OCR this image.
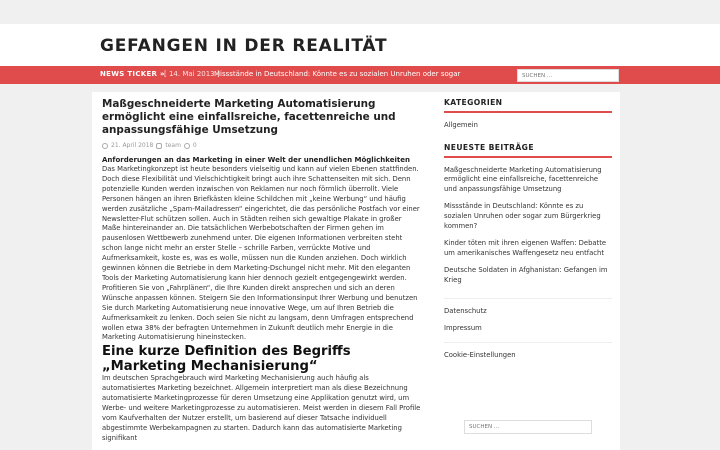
GEFANGEN IN DER REALITÄT
NEWS TICKER » [ 14. Mai 2013 ]
Missstände in Deutschland: Könnte es zu sozialen Unruhen oder sogar
SUCHEN ...
Maßgeschneiderte Marketing Automatisierung ermöglicht eine einfallsreiche, facettenreiche und anpassungsfähige Umsetzung
21. April 2018 team 0
Anforderungen an das Marketing in einer Welt der unendlichen Möglichkeiten

Das Marketingkonzept ist heute besonders vielseitig und kann auf vielen Ebenen stattfinden. Doch diese Flexibilität und Vielschichtigkeit bringt auch ihre Schattenseiten mit sich. Denn potenzielle Kunden werden inzwischen von Reklamen nur noch förmlich überrollt. Viele Personen hängen an ihren Briefkästen kleine Schildchen mit „keine Werbung“ und häufig werden zusätzliche „Spam-Mailadressen“ eingerichtet, die das persönliche Postfach vor einer Newsletter-Flut schützen sollen. Auch in Städten reihen sich gewaltige Plakate in großer Maße hintereinander an. Die tatsächlichen Werbebotschaften der Firmen gehen im pausenlosen Wettbewerb zunehmend unter. Die eigenen Informationen verbreiten steht schon lange nicht mehr an erster Stelle – schrille Farben, verrückte Motive und Aufmerksamkeit, koste es, was es wolle, müssen nun die Kunden anziehen. Doch wirklich gewinnen können die Betriebe in dem Marketing-Dschungel nicht mehr. Mit den eleganten Tools der Marketing Automatisierung kann hier dennoch gezielt entgegengewirkt werden. Profitieren Sie von „Fahrplänen“, die Ihre Kunden direkt ansprechen und sich an deren Wünsche anpassen können. Steigern Sie den Informationsinput Ihrer Werbung und benutzen Sie durch Marketing Automatisierung neue innovative Wege, um auf Ihren Betrieb die Aufmerksamkeit zu lenken. Doch seien Sie nicht zu langsam, denn Umfragen entsprechend wollen etwa 38% der befragten Unternehmen in Zukunft deutlich mehr Energie in die Marketing Automatisierung hineinstecken.

Eine kurze Definition des Begriffs „Marketing Mechanisierung“

Im deutschen Sprachgebrauch wird Marketing Mechanisierung auch häufig als automatisiertes Marketing bezeichnet. Allgemein interpretiert man als diese Bezeichnung automatisierte Marketingprozesse für deren Umsetzung eine Applikation genutzt wird, um Werbe- und weitere Marketingprozesse zu automatisieren. Meist werden in diesem Fall Profile vom Kaufverhalten der Nutzer erstellt, um basierend auf dieser Tatsache individuell abgestimmte Werbekampagnen zu starten. Dadurch kann das automatisierte Marketing signifikant

KATEGORIEN
Allgemein
NEUESTE BEITRÄGE
Maßgeschneiderte Marketing Automatisierung ermöglicht eine einfallsreiche, facettenreiche und anpassungsfähige Umsetzung
Missstände in Deutschland: Könnte es zu sozialen Unruhen oder sogar zum Bürgerkrieg kommen?
Kinder töten mit ihren eigenen Waffen: Debatte um amerikanisches Waffengesetz neu entfacht
Deutsche Soldaten in Afghanistan: Gefangen im Krieg
Datenschutz
Impressum
Cookie-Einstellungen
SUCHEN ...
